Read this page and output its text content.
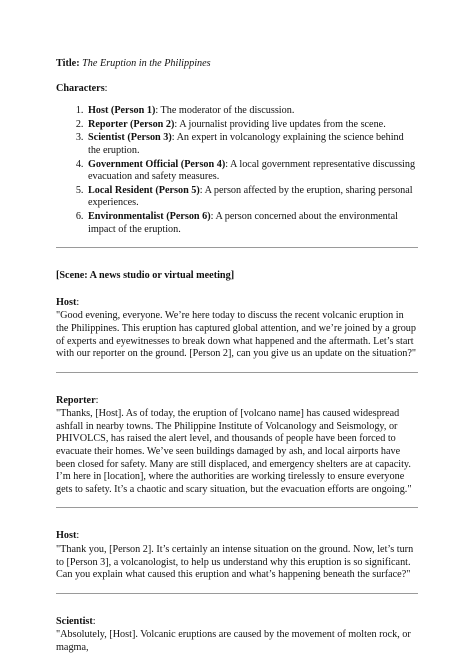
Title: The Eruption in the Philippines

Characters:

1. Host (Person 1): The moderator of the discussion.
2. Reporter (Person 2): A journalist providing live updates from the scene.
3. Scientist (Person 3): An expert in volcanology explaining the science behind the eruption.
4. Government Official (Person 4): A local government representative discussing evacuation and safety measures.
5. Local Resident (Person 5): A person affected by the eruption, sharing personal experiences.
6. Environmentalist (Person 6): A person concerned about the environmental impact of the eruption.

[Scene: A news studio or virtual meeting]

Host:

"Good evening, everyone. We’re here today to discuss the recent volcanic eruption in the Philippines. This eruption has captured global attention, and we’re joined by a group of experts and eyewitnesses to break down what happened and the aftermath. Let’s start with our reporter on the ground. [Person 2], can you give us an update on the situation?"

Reporter:

"Thanks, [Host]. As of today, the eruption of [volcano name] has caused widespread ashfall in nearby towns. The Philippine Institute of Volcanology and Seismology, or PHIVOLCS, has raised the alert level, and thousands of people have been forced to evacuate their homes. We’ve seen buildings damaged by ash, and local airports have been closed for safety. Many are still displaced, and emergency shelters are at capacity. I’m here in [location], where the authorities are working tirelessly to ensure everyone gets to safety. It’s a chaotic and scary situation, but the evacuation efforts are ongoing."

Host:

"Thank you, [Person 2]. It’s certainly an intense situation on the ground. Now, let’s turn to [Person 3], a volcanologist, to help us understand why this eruption is so significant. Can you explain what caused this eruption and what’s happening beneath the surface?"

Scientist:

"Absolutely, [Host]. Volcanic eruptions are caused by the movement of molten rock, or magma,
